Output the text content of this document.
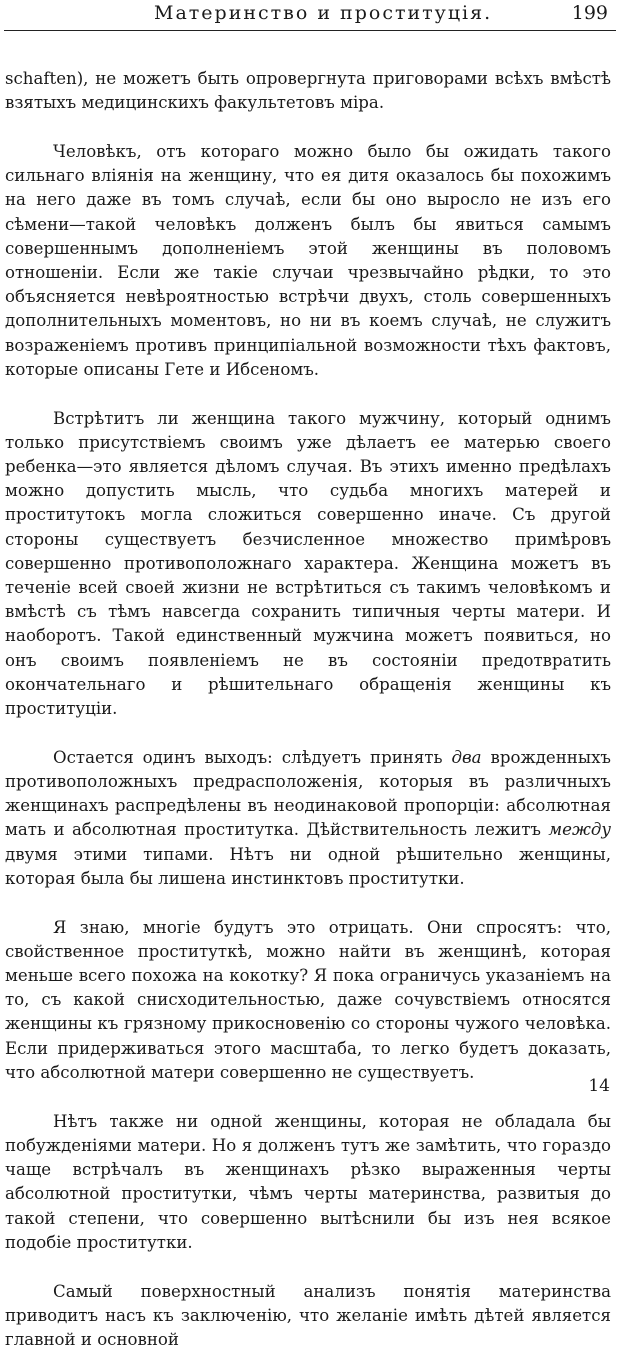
Материнство и проституція.	199

schaften), не можетъ быть опровергнута приговорами всѣхъ вмѣстѣ взятыхъ медицинскихъ факультетовъ міра.

Человѣкъ, отъ котораго можно было бы ожидать такого сильнаго вліянія на женщину, что ея дитя оказалось бы похожимъ на него даже въ томъ случаѣ, если бы оно выросло не изъ его сѣмени—такой человѣкъ долженъ былъ бы явиться самымъ совершеннымъ дополненіемъ этой женщины въ половомъ отношеніи. Если же такіе случаи чрезвычайно рѣдки, то это объясняется невѣроятностью встрѣчи двухъ, столь совершенныхъ дополнительныхъ моментовъ, но ни въ коемъ случаѣ, не служитъ возраженіемъ противъ принципіальной возможности тѣхъ фактовъ, которые описаны Гете и Ибсеномъ.

Встрѣтитъ ли женщина такого мужчину, который однимъ только присутствіемъ своимъ уже дѣлаетъ ее матерью своего ребенка—это является дѣломъ случая. Въ этихъ именно предѣлахъ можно допустить мысль, что судьба многихъ матерей и проститутокъ могла сложиться совершенно иначе. Съ другой стороны существуетъ безчисленное множество примѣровъ совершенно противоположнаго характера. Женщина можетъ въ теченіе всей своей жизни не встрѣтиться съ такимъ человѣкомъ и вмѣстѣ съ тѣмъ навсегда сохранить типичныя черты матери. И наоборотъ. Такой единственный мужчина можетъ появиться, но онъ своимъ появленіемъ не въ состояніи предотвратить окончательнаго и рѣшительнаго обращенія женщины къ проституціи.

Остается одинъ выходъ: слѣдуетъ принять два врожденныхъ противоположныхъ предрасположенія, которыя въ различныхъ женщинахъ распредѣлены въ неодинаковой пропорціи: абсолютная мать и абсолютная проститутка. Дѣйствительность лежитъ между двумя этими типами. Нѣтъ ни одной рѣшительно женщины, которая была бы лишена инстинктовъ проститутки.

Я знаю, многіе будутъ это отрицать. Они спросятъ: что, свойственное проституткѣ, можно найти въ женщинѣ, которая меньше всего похожа на кокотку? Я пока ограничусь указаніемъ на то, съ какой снисходительностью, даже сочувствіемъ относятся женщины къ грязному прикосновенію со стороны чужого человѣка. Если придерживаться этого масштаба, то легко будетъ доказать, что абсолютной матери совершенно не существуетъ.

Нѣтъ также ни одной женщины, которая не обладала бы побужденіями матери. Но я долженъ тутъ же замѣтить, что гораздо чаще встрѣчалъ въ женщинахъ рѣзко выраженныя черты абсолютной проститутки, чѣмъ черты материнства, развитыя до такой степени, что совершенно вытѣснили бы изъ нея всякое подобіе проститутки.

Самый поверхностный анализъ понятія материнства приводитъ насъ къ заключенію, что желаніе имѣть дѣтей является главной и основной

14
